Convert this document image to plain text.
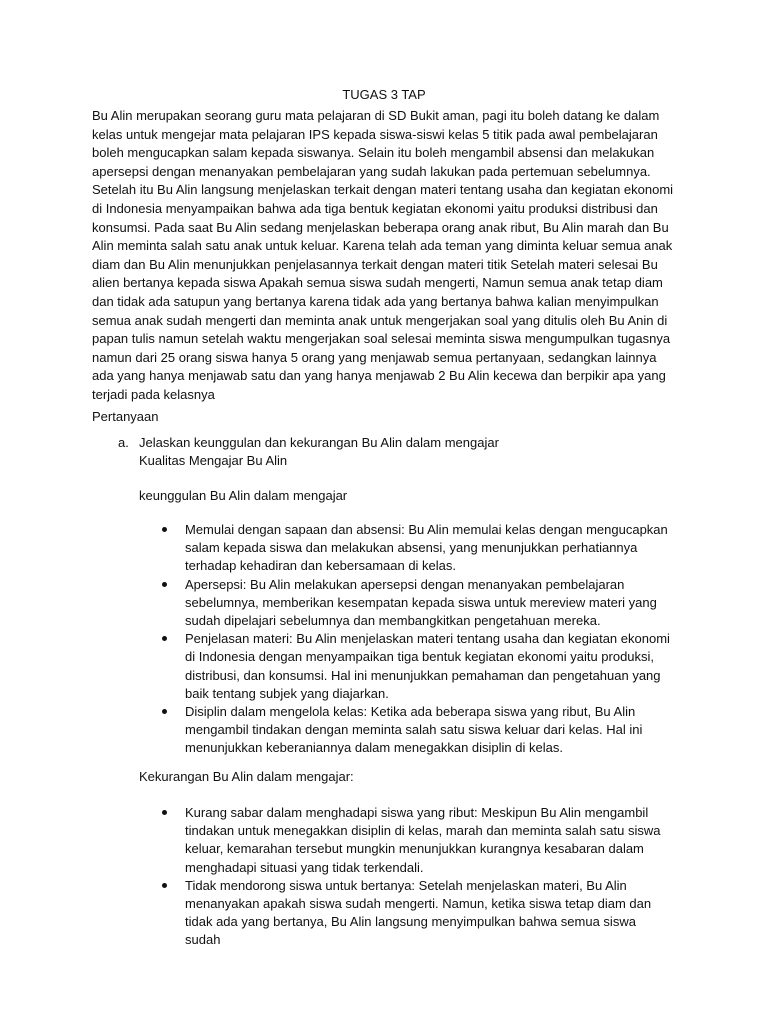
TUGAS 3 TAP

Bu Alin merupakan seorang guru mata pelajaran di SD Bukit aman, pagi itu boleh datang ke dalam kelas untuk mengejar mata pelajaran IPS kepada siswa-siswi kelas 5 titik pada awal pembelajaran boleh mengucapkan salam kepada siswanya. Selain itu boleh mengambil absensi dan melakukan apersepsi dengan menanyakan pembelajaran yang sudah lakukan pada pertemuan sebelumnya. Setelah itu Bu Alin langsung menjelaskan terkait dengan materi tentang usaha dan kegiatan ekonomi di Indonesia menyampaikan bahwa ada tiga bentuk kegiatan ekonomi yaitu produksi distribusi dan konsumsi. Pada saat Bu Alin sedang menjelaskan beberapa orang anak ribut, Bu Alin marah dan Bu Alin meminta salah satu anak untuk keluar. Karena telah ada teman yang diminta keluar semua anak diam dan Bu Alin menunjukkan penjelasannya terkait dengan materi titik Setelah materi selesai Bu alien bertanya kepada siswa Apakah semua siswa sudah mengerti, Namun semua anak tetap diam dan tidak ada satupun yang bertanya karena tidak ada yang bertanya bahwa kalian menyimpulkan semua anak sudah mengerti dan meminta anak untuk mengerjakan soal yang ditulis oleh Bu Anin di papan tulis namun setelah waktu mengerjakan soal selesai meminta siswa mengumpulkan tugasnya namun dari 25 orang siswa hanya 5 orang yang menjawab semua pertanyaan, sedangkan lainnya ada yang hanya menjawab satu dan yang hanya menjawab 2 Bu Alin kecewa dan berpikir apa yang terjadi pada kelasnya

Pertanyaan
a. Jelaskan keunggulan dan kekurangan Bu Alin dalam mengajar
Kualitas Mengajar Bu Alin
keunggulan Bu Alin dalam mengajar
Memulai dengan sapaan dan absensi: Bu Alin memulai kelas dengan mengucapkan salam kepada siswa dan melakukan absensi, yang menunjukkan perhatiannya terhadap kehadiran dan kebersamaan di kelas.
Apersepsi: Bu Alin melakukan apersepsi dengan menanyakan pembelajaran sebelumnya, memberikan kesempatan kepada siswa untuk mereview materi yang sudah dipelajari sebelumnya dan membangkitkan pengetahuan mereka.
Penjelasan materi: Bu Alin menjelaskan materi tentang usaha dan kegiatan ekonomi di Indonesia dengan menyampaikan tiga bentuk kegiatan ekonomi yaitu produksi, distribusi, dan konsumsi. Hal ini menunjukkan pemahaman dan pengetahuan yang baik tentang subjek yang diajarkan.
Disiplin dalam mengelola kelas: Ketika ada beberapa siswa yang ribut, Bu Alin mengambil tindakan dengan meminta salah satu siswa keluar dari kelas. Hal ini menunjukkan keberaniannya dalam menegakkan disiplin di kelas.
Kekurangan Bu Alin dalam mengajar:
Kurang sabar dalam menghadapi siswa yang ribut: Meskipun Bu Alin mengambil tindakan untuk menegakkan disiplin di kelas, marah dan meminta salah satu siswa keluar, kemarahan tersebut mungkin menunjukkan kurangnya kesabaran dalam menghadapi situasi yang tidak terkendali.
Tidak mendorong siswa untuk bertanya: Setelah menjelaskan materi, Bu Alin menanyakan apakah siswa sudah mengerti. Namun, ketika siswa tetap diam dan tidak ada yang bertanya, Bu Alin langsung menyimpulkan bahwa semua siswa sudah
